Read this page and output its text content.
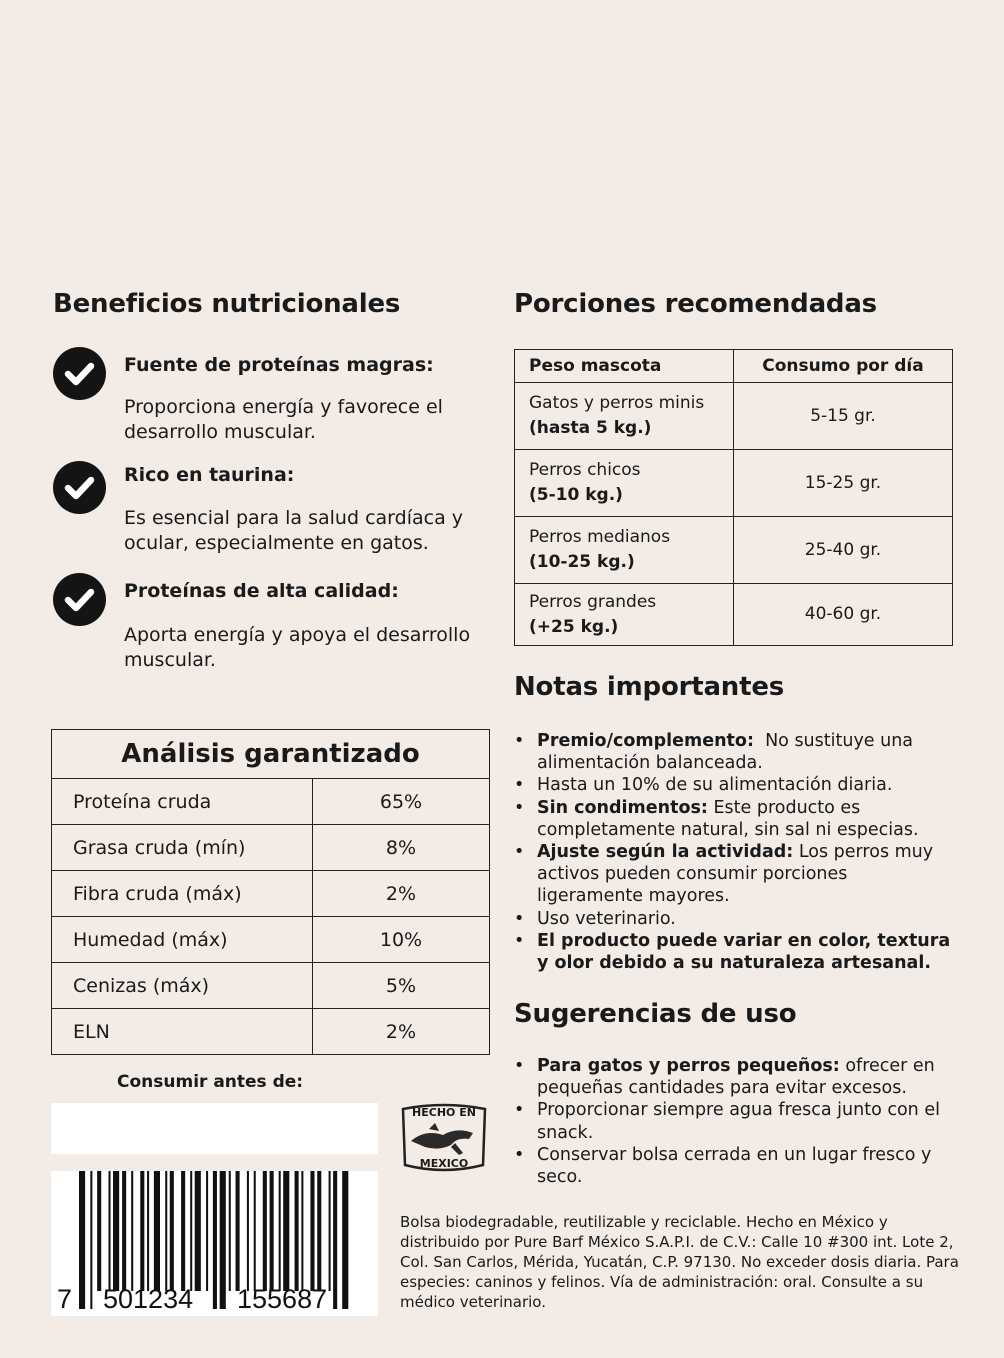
Beneficios nutricionales
Fuente de proteínas magras:
Proporciona energía y favorece el desarrollo muscular.
Rico en taurina:
Es esencial para la salud cardíaca y ocular, especialmente en gatos.
Proteínas de alta calidad:
Aporta energía y apoya el desarrollo muscular.
Porciones recomendadas
Peso mascota	Consumo por día
Gatos y perros minis
(hasta 5 kg.)	5-15 gr.
Perros chicos
(5-10 kg.)	15-25 gr.
Perros medianos
(10-25 kg.)	25-40 gr.
Perros grandes
(+25 kg.)	40-60 gr.
Notas importantes
• Premio/complemento:  No sustituye una alimentación balanceada.
• Hasta un 10% de su alimentación diaria.
• Sin condimentos: Este producto es completamente natural, sin sal ni especias.
• Ajuste según la actividad: Los perros muy activos pueden consumir porciones ligeramente mayores.
• Uso veterinario.
• El producto puede variar en color, textura y olor debido a su naturaleza artesanal.
Sugerencias de uso
• Para gatos y perros pequeños: ofrecer en pequeñas cantidades para evitar excesos.
• Proporcionar siempre agua fresca junto con el snack.
• Conservar bolsa cerrada en un lugar fresco y seco.
Análisis garantizado	
Proteína cruda	65%
Grasa cruda (mín)	8%
Fibra cruda (máx)	2%
Humedad (máx)	10%
Cenizas (máx)	5%
ELN	2%
Consumir antes de:
HECHO EN
MEXICO
7 501234 155687
Bolsa biodegradable, reutilizable y reciclable. Hecho en México y distribuido por Pure Barf México S.A.P.I. de C.V.: Calle 10 #300 int. Lote 2, Col. San Carlos, Mérida, Yucatán, C.P. 97130. No exceder dosis diaria. Para especies: caninos y felinos. Vía de administración: oral. Consulte a su médico veterinario.
